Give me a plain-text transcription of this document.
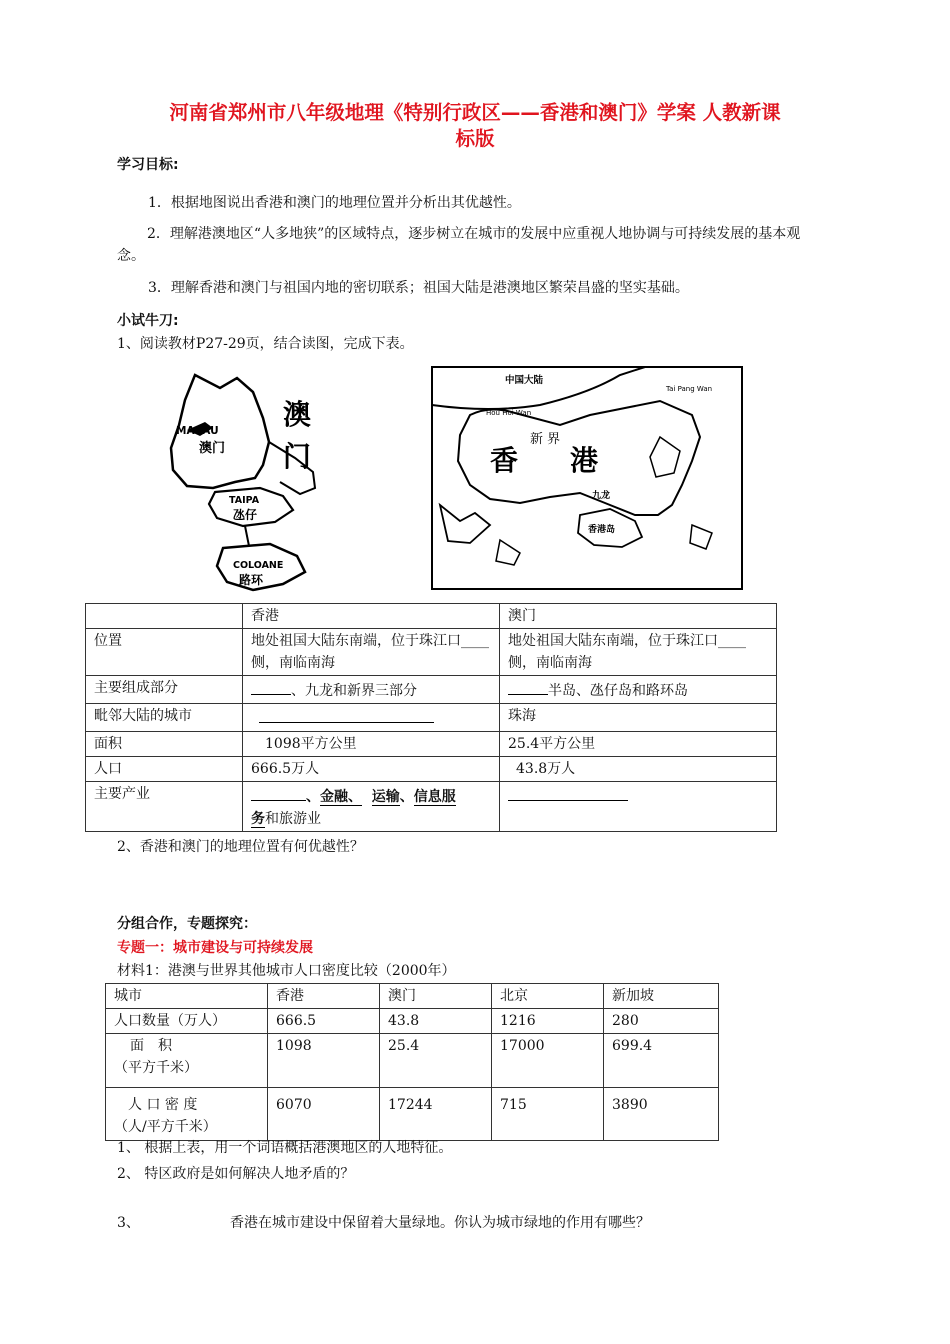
河南省郑州市八年级地理《特别行政区——香港和澳门》学案 人教新课
标版
学习目标:
1．根据地图说出香港和澳门的地理位置并分析出其优越性。
2．理解港澳地区“人多地狭”的区域特点，逐步树立在城市的发展中应重视人地协调与可持续发展的基本观念。
3．理解香港和澳门与祖国内地的密切联系；祖国大陆是港澳地区繁荣昌盛的坚实基础。
小试牛刀:
1、阅读教材P27-29页，结合读图，完成下表。
MACAU
澳门
澳
门
TAIPA
氹仔
COLOANE
路环
中国大陆
Hou Hoi Wan
Tai Pang Wan
新 界
香 港
九龙
香港岛
	香港	澳门
位置	地处祖国大陆东南端，位于珠江口____侧，南临南海	地处祖国大陆东南端，位于珠江口____侧，南临南海
主要组成部分	、九龙和新界三部分	半岛、氹仔岛和路环岛
毗邻大陆的城市		珠海
面积	1098平方公里	25.4平方公里
人口	666.5万人	43.8万人
主要产业	、金融、 运输、信息服
务和旅游业	
2、香港和澳门的地理位置有何优越性？
分组合作，专题探究：
专题一：城市建设与可持续发展
材料1：港澳与世界其他城市人口密度比较（2000年）
城市	香港	澳门	北京	新加坡
人口数量（万人）	666.5	43.8	1216	280

面　积
（平方千米）	1098	25.4	17000	699.4

人 口 密 度
（人/平方千米）	6070	17244	715	3890
1、 根据上表，用一个词语概括港澳地区的人地特征。
2、 特区政府是如何解决人地矛盾的？
3、	香港在城市建设中保留着大量绿地。你认为城市绿地的作用有哪些？
